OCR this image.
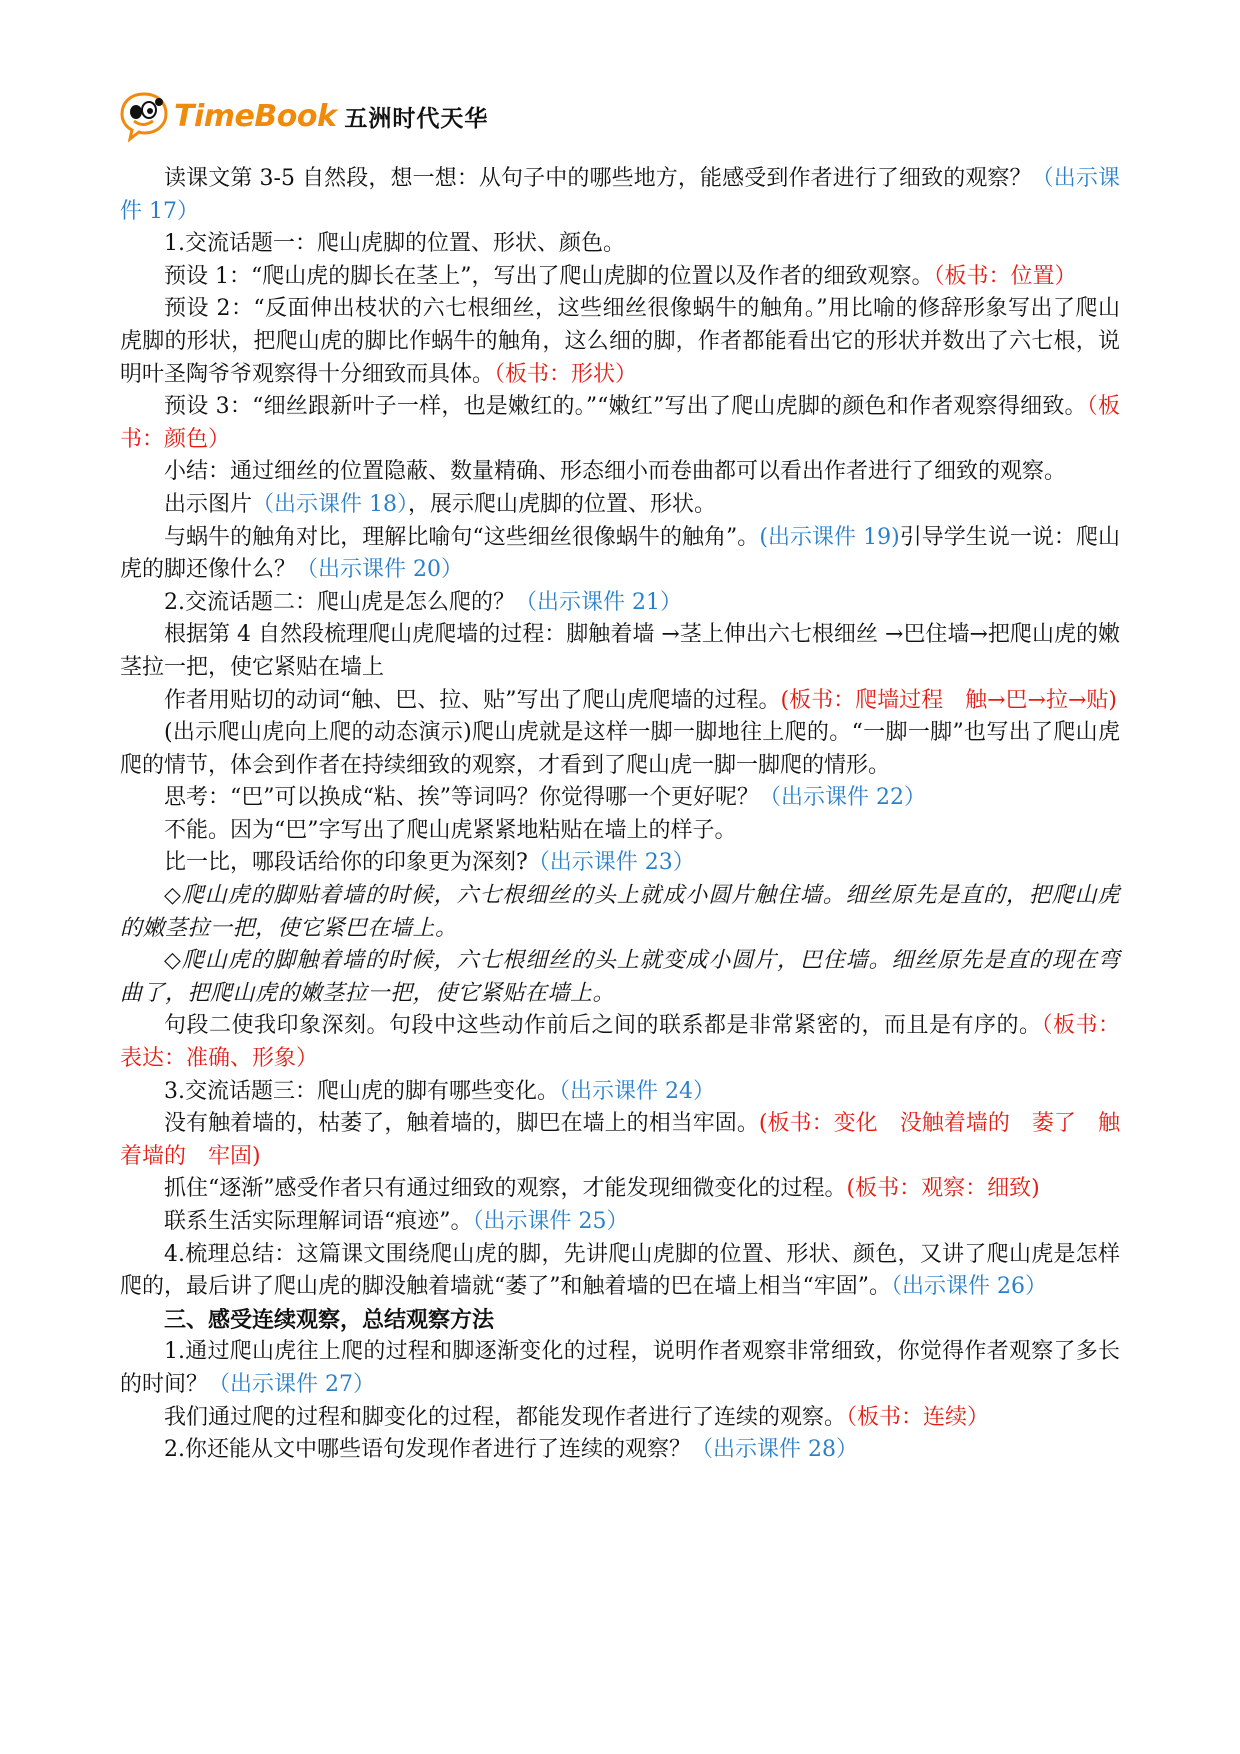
TimeBook 五洲时代天华

读课文第 3-5 自然段，想一想：从句子中的哪些地方，能感受到作者进行了细致的观察？（出示课件 17）

1.交流话题一：爬山虎脚的位置、形状、颜色。

预设 1：“爬山虎的脚长在茎上”，写出了爬山虎脚的位置以及作者的细致观察。（板书：位置）

预设 2：“反面伸出枝状的六七根细丝，这些细丝很像蜗牛的触角。”用比喻的修辞形象写出了爬山虎脚的形状，把爬山虎的脚比作蜗牛的触角，这么细的脚，作者都能看出它的形状并数出了六七根，说明叶圣陶爷爷观察得十分细致而具体。（板书：形状）

预设 3：“细丝跟新叶子一样，也是嫩红的。”“嫩红”写出了爬山虎脚的颜色和作者观察得细致。（板书：颜色）

小结：通过细丝的位置隐蔽、数量精确、形态细小而卷曲都可以看出作者进行了细致的观察。

出示图片（出示课件 18），展示爬山虎脚的位置、形状。

与蜗牛的触角对比，理解比喻句“这些细丝很像蜗牛的触角”。(出示课件 19)引导学生说一说：爬山虎的脚还像什么？（出示课件 20）

2.交流话题二：爬山虎是怎么爬的？（出示课件 21）

根据第 4 自然段梳理爬山虎爬墙的过程：脚触着墙 →茎上伸出六七根细丝 →巴住墙→把爬山虎的嫩茎拉一把，使它紧贴在墙上

作者用贴切的动词“触、巴、拉、贴”写出了爬山虎爬墙的过程。(板书：爬墙过程　触→巴→拉→贴)

(出示爬山虎向上爬的动态演示)爬山虎就是这样一脚一脚地往上爬的。“一脚一脚”也写出了爬山虎爬的情节，体会到作者在持续细致的观察，才看到了爬山虎一脚一脚爬的情形。

思考：“巴”可以换成“粘、挨”等词吗？你觉得哪一个更好呢？（出示课件 22）

不能。因为“巴”字写出了爬山虎紧紧地粘贴在墙上的样子。

比一比，哪段话给你的印象更为深刻?（出示课件 23）

◇爬山虎的脚贴着墙的时候，六七根细丝的头上就成小圆片触住墙。细丝原先是直的，把爬山虎的嫩茎拉一把，使它紧巴在墙上。

◇爬山虎的脚触着墙的时候，六七根细丝的头上就变成小圆片，巴住墙。细丝原先是直的现在弯曲了，把爬山虎的嫩茎拉一把，使它紧贴在墙上。

句段二使我印象深刻。句段中这些动作前后之间的联系都是非常紧密的，而且是有序的。（板书：表达：准确、形象）

3.交流话题三：爬山虎的脚有哪些变化。（出示课件 24）

没有触着墙的，枯萎了，触着墙的，脚巴在墙上的相当牢固。(板书：变化　没触着墙的　萎了　触着墙的　牢固)

抓住“逐渐”感受作者只有通过细致的观察，才能发现细微变化的过程。(板书：观察：细致)

联系生活实际理解词语“痕迹”。（出示课件 25）

4.梳理总结：这篇课文围绕爬山虎的脚，先讲爬山虎脚的位置、形状、颜色，又讲了爬山虎是怎样爬的，最后讲了爬山虎的脚没触着墙就“萎了”和触着墙的巴在墙上相当“牢固”。（出示课件 26）

三、感受连续观察，总结观察方法

1.通过爬山虎往上爬的过程和脚逐渐变化的过程，说明作者观察非常细致，你觉得作者观察了多长的时间？（出示课件 27）

我们通过爬的过程和脚变化的过程，都能发现作者进行了连续的观察。（板书：连续）

2.你还能从文中哪些语句发现作者进行了连续的观察？（出示课件 28）
